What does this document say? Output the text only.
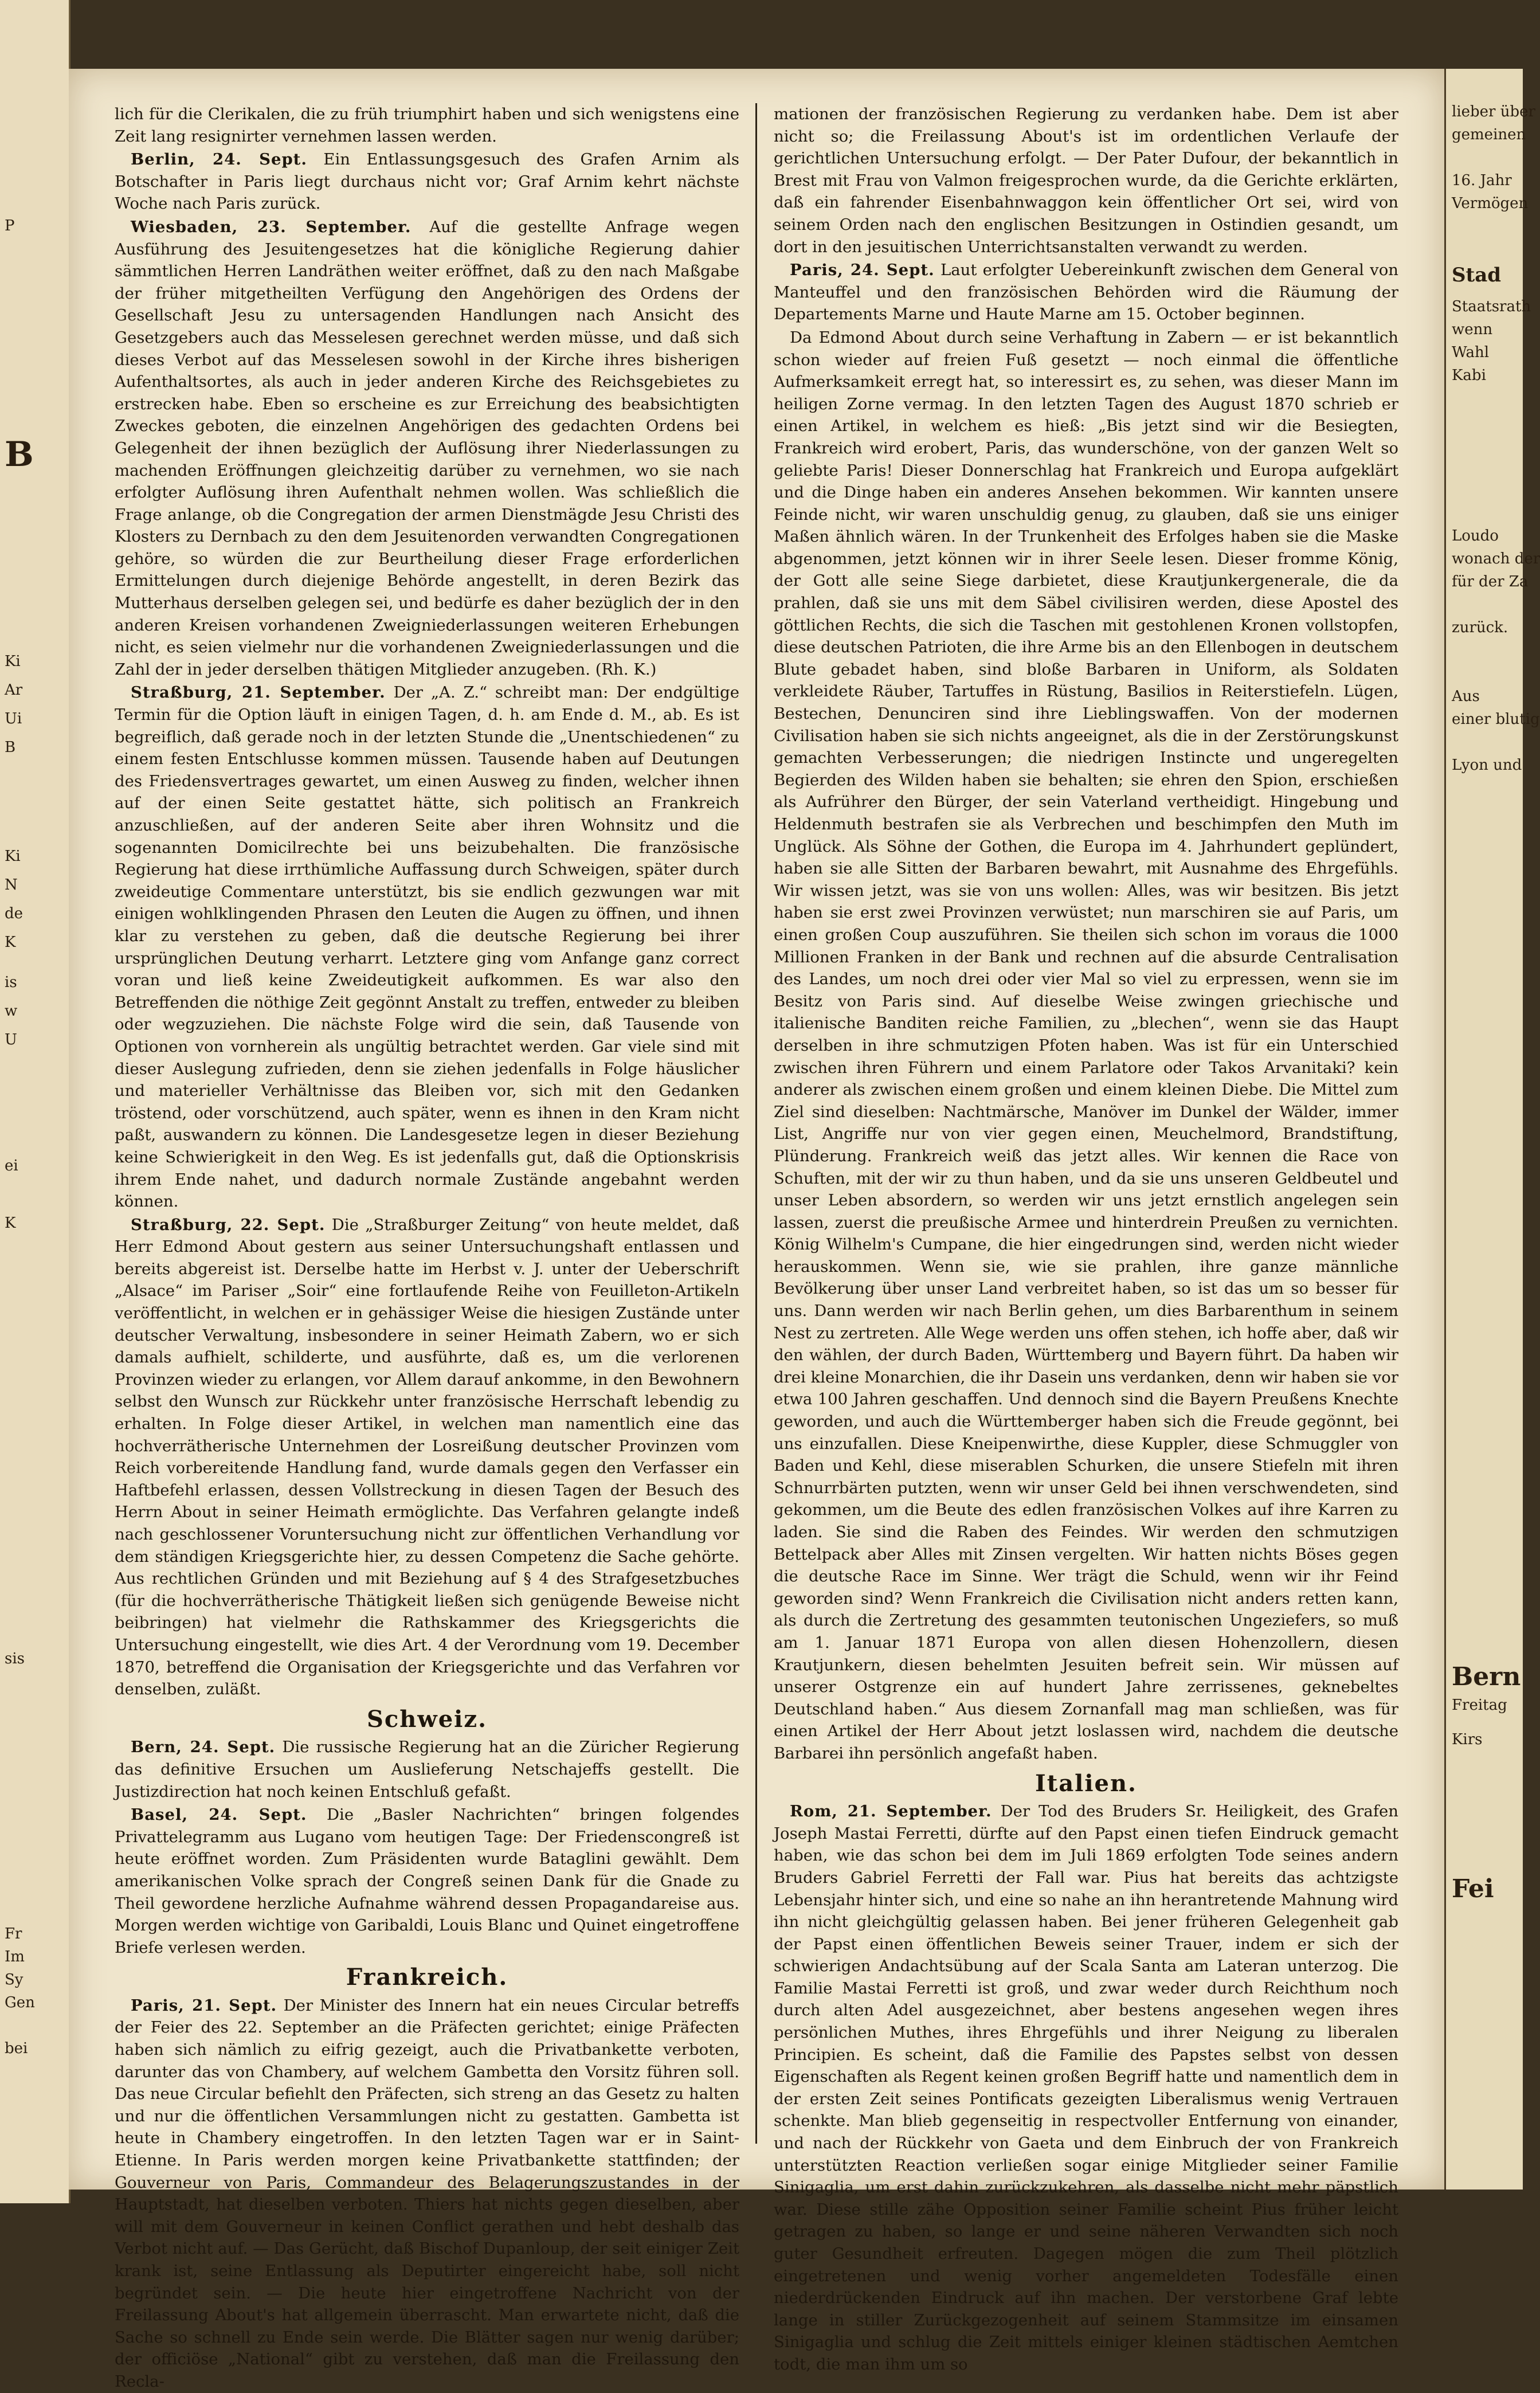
P
B
Ki
Ar
Ui
B
Ki
N
de
K
is
w
U
ei
K
sis
Fr
Im
Sy
Gen
bei

lich für die Clerikalen, die zu früh triumphirt haben und sich wenigstens eine Zeit lang resignirter vernehmen lassen werden.

Berlin, 24. Sept. Ein Entlassungsgesuch des Grafen Arnim als Botschafter in Paris liegt durchaus nicht vor; Graf Arnim kehrt nächste Woche nach Paris zurück.

Wiesbaden, 23. September. Auf die gestellte Anfrage wegen Ausführung des Jesuitengesetzes hat die königliche Regierung dahier sämmtlichen Herren Landräthen weiter eröffnet, daß zu den nach Maßgabe der früher mitgetheilten Verfügung den Angehörigen des Ordens der Gesellschaft Jesu zu untersagenden Handlungen nach Ansicht des Gesetzgebers auch das Messelesen gerechnet werden müsse, und daß sich dieses Verbot auf das Messelesen sowohl in der Kirche ihres bisherigen Aufenthaltsortes, als auch in jeder anderen Kirche des Reichsgebietes zu erstrecken habe. Eben so erscheine es zur Erreichung des beabsichtigten Zweckes geboten, die einzelnen Angehörigen des gedachten Ordens bei Gelegenheit der ihnen bezüglich der Auflösung ihrer Niederlassungen zu machenden Eröffnungen gleichzeitig darüber zu vernehmen, wo sie nach erfolgter Auflösung ihren Aufenthalt nehmen wollen. Was schließlich die Frage anlange, ob die Congregation der armen Dienstmägde Jesu Christi des Klosters zu Dernbach zu den dem Jesuitenorden verwandten Congregationen gehöre, so würden die zur Beurtheilung dieser Frage erforderlichen Ermittelungen durch diejenige Behörde angestellt, in deren Bezirk das Mutterhaus derselben gelegen sei, und bedürfe es daher bezüglich der in den anderen Kreisen vorhandenen Zweigniederlassungen weiteren Erhebungen nicht, es seien vielmehr nur die vorhandenen Zweigniederlassungen und die Zahl der in jeder derselben thätigen Mitglieder anzugeben. (Rh. K.)

Straßburg, 21. September. Der „A. Z.“ schreibt man: Der endgültige Termin für die Option läuft in einigen Tagen, d. h. am Ende d. M., ab. Es ist begreiflich, daß gerade noch in der letzten Stunde die „Unentschiedenen“ zu einem festen Entschlusse kommen müssen. Tausende haben auf Deutungen des Friedensvertrages gewartet, um einen Ausweg zu finden, welcher ihnen auf der einen Seite gestattet hätte, sich politisch an Frankreich anzuschließen, auf der anderen Seite aber ihren Wohnsitz und die sogenannten Domicilrechte bei uns beizubehalten. Die französische Regierung hat diese irrthümliche Auffassung durch Schweigen, später durch zweideutige Commentare unterstützt, bis sie endlich gezwungen war mit einigen wohlklingenden Phrasen den Leuten die Augen zu öffnen, und ihnen klar zu verstehen zu geben, daß die deutsche Regierung bei ihrer ursprünglichen Deutung verharrt. Letztere ging vom Anfange ganz correct voran und ließ keine Zweideutigkeit aufkommen. Es war also den Betreffenden die nöthige Zeit gegönnt Anstalt zu treffen, entweder zu bleiben oder wegzuziehen. Die nächste Folge wird die sein, daß Tausende von Optionen von vornherein als ungültig betrachtet werden. Gar viele sind mit dieser Auslegung zufrieden, denn sie ziehen jedenfalls in Folge häuslicher und materieller Verhältnisse das Bleiben vor, sich mit den Gedanken tröstend, oder vorschützend, auch später, wenn es ihnen in den Kram nicht paßt, auswandern zu können. Die Landesgesetze legen in dieser Beziehung keine Schwierigkeit in den Weg. Es ist jedenfalls gut, daß die Optionskrisis ihrem Ende nahet, und dadurch normale Zustände angebahnt werden können.

Straßburg, 22. Sept. Die „Straßburger Zeitung“ von heute meldet, daß Herr Edmond About gestern aus seiner Untersuchungshaft entlassen und bereits abgereist ist. Derselbe hatte im Herbst v. J. unter der Ueberschrift „Alsace“ im Pariser „Soir“ eine fortlaufende Reihe von Feuilleton-Artikeln veröffentlicht, in welchen er in gehässiger Weise die hiesigen Zustände unter deutscher Verwaltung, insbesondere in seiner Heimath Zabern, wo er sich damals aufhielt, schilderte, und ausführte, daß es, um die verlorenen Provinzen wieder zu erlangen, vor Allem darauf ankomme, in den Bewohnern selbst den Wunsch zur Rückkehr unter französische Herrschaft lebendig zu erhalten. In Folge dieser Artikel, in welchen man namentlich eine das hochverrätherische Unternehmen der Losreißung deutscher Provinzen vom Reich vorbereitende Handlung fand, wurde damals gegen den Verfasser ein Haftbefehl erlassen, dessen Vollstreckung in diesen Tagen der Besuch des Herrn About in seiner Heimath ermöglichte. Das Verfahren gelangte indeß nach geschlossener Voruntersuchung nicht zur öffentlichen Verhandlung vor dem ständigen Kriegsgerichte hier, zu dessen Competenz die Sache gehörte. Aus rechtlichen Gründen und mit Beziehung auf § 4 des Strafgesetzbuches (für die hochverrätherische Thätigkeit ließen sich genügende Beweise nicht beibringen) hat vielmehr die Rathskammer des Kriegsgerichts die Untersuchung eingestellt, wie dies Art. 4 der Verordnung vom 19. December 1870, betreffend die Organisation der Kriegsgerichte und das Verfahren vor denselben, zuläßt.

Schweiz.

Bern, 24. Sept. Die russische Regierung hat an die Züricher Regierung das definitive Ersuchen um Auslieferung Netschajeffs gestellt. Die Justizdirection hat noch keinen Entschluß gefaßt.

Basel, 24. Sept. Die „Basler Nachrichten“ bringen folgendes Privattelegramm aus Lugano vom heutigen Tage: Der Friedenscongreß ist heute eröffnet worden. Zum Präsidenten wurde Bataglini gewählt. Dem amerikanischen Volke sprach der Congreß seinen Dank für die Gnade zu Theil gewordene herzliche Aufnahme während dessen Propagandareise aus. Morgen werden wichtige von Garibaldi, Louis Blanc und Quinet eingetroffene Briefe verlesen werden.

Frankreich.

Paris, 21. Sept. Der Minister des Innern hat ein neues Circular betreffs der Feier des 22. September an die Präfecten gerichtet; einige Präfecten haben sich nämlich zu eifrig gezeigt, auch die Privatbankette verboten, darunter das von Chambery, auf welchem Gambetta den Vorsitz führen soll. Das neue Circular befiehlt den Präfecten, sich streng an das Gesetz zu halten und nur die öffentlichen Versammlungen nicht zu gestatten. Gambetta ist heute in Chambery eingetroffen. In den letzten Tagen war er in Saint-Etienne. In Paris werden morgen keine Privatbankette stattfinden; der Gouverneur von Paris, Commandeur des Belagerungszustandes in der Hauptstadt, hat dieselben verboten. Thiers hat nichts gegen dieselben, aber will mit dem Gouverneur in keinen Conflict gerathen und hebt deshalb das Verbot nicht auf. — Das Gerücht, daß Bischof Dupanloup, der seit einiger Zeit krank ist, seine Entlassung als Deputirter eingereicht habe, soll nicht begründet sein. — Die heute hier eingetroffene Nachricht von der Freilassung About's hat allgemein überrascht. Man erwartete nicht, daß die Sache so schnell zu Ende sein werde. Die Blätter sagen nur wenig darüber; der officiöse „National“ gibt zu verstehen, daß man die Freilassung den Recla-

mationen der französischen Regierung zu verdanken habe. Dem ist aber nicht so; die Freilassung About's ist im ordentlichen Verlaufe der gerichtlichen Untersuchung erfolgt. — Der Pater Dufour, der bekanntlich in Brest mit Frau von Valmon freigesprochen wurde, da die Gerichte erklärten, daß ein fahrender Eisenbahnwaggon kein öffentlicher Ort sei, wird von seinem Orden nach den englischen Besitzungen in Ostindien gesandt, um dort in den jesuitischen Unterrichtsanstalten verwandt zu werden.

Paris, 24. Sept. Laut erfolgter Uebereinkunft zwischen dem General von Manteuffel und den französischen Behörden wird die Räumung der Departements Marne und Haute Marne am 15. October beginnen.

Da Edmond About durch seine Verhaftung in Zabern — er ist bekanntlich schon wieder auf freien Fuß gesetzt — noch einmal die öffentliche Aufmerksamkeit erregt hat, so interessirt es, zu sehen, was dieser Mann im heiligen Zorne vermag. In den letzten Tagen des August 1870 schrieb er einen Artikel, in welchem es hieß: „Bis jetzt sind wir die Besiegten, Frankreich wird erobert, Paris, das wunderschöne, von der ganzen Welt so geliebte Paris! Dieser Donnerschlag hat Frankreich und Europa aufgeklärt und die Dinge haben ein anderes Ansehen bekommen. Wir kannten unsere Feinde nicht, wir waren unschuldig genug, zu glauben, daß sie uns einiger Maßen ähnlich wären. In der Trunkenheit des Erfolges haben sie die Maske abgenommen, jetzt können wir in ihrer Seele lesen. Dieser fromme König, der Gott alle seine Siege darbietet, diese Krautjunkergenerale, die da prahlen, daß sie uns mit dem Säbel civilisiren werden, diese Apostel des göttlichen Rechts, die sich die Taschen mit gestohlenen Kronen vollstopfen, diese deutschen Patrioten, die ihre Arme bis an den Ellenbogen in deutschem Blute gebadet haben, sind bloße Barbaren in Uniform, als Soldaten verkleidete Räuber, Tartuffes in Rüstung, Basilios in Reiterstiefeln. Lügen, Bestechen, Denunciren sind ihre Lieblingswaffen. Von der modernen Civilisation haben sie sich nichts angeeignet, als die in der Zerstörungskunst gemachten Verbesserungen; die niedrigen Instincte und ungeregelten Begierden des Wilden haben sie behalten; sie ehren den Spion, erschießen als Aufrührer den Bürger, der sein Vaterland vertheidigt. Hingebung und Heldenmuth bestrafen sie als Verbrechen und beschimpfen den Muth im Unglück. Als Söhne der Gothen, die Europa im 4. Jahrhundert geplündert, haben sie alle Sitten der Barbaren bewahrt, mit Ausnahme des Ehrgefühls. Wir wissen jetzt, was sie von uns wollen: Alles, was wir besitzen. Bis jetzt haben sie erst zwei Provinzen verwüstet; nun marschiren sie auf Paris, um einen großen Coup auszuführen. Sie theilen sich schon im voraus die 1000 Millionen Franken in der Bank und rechnen auf die absurde Centralisation des Landes, um noch drei oder vier Mal so viel zu erpressen, wenn sie im Besitz von Paris sind. Auf dieselbe Weise zwingen griechische und italienische Banditen reiche Familien, zu „blechen“, wenn sie das Haupt derselben in ihre schmutzigen Pfoten haben. Was ist für ein Unterschied zwischen ihren Führern und einem Parlatore oder Takos Arvanitaki? kein anderer als zwischen einem großen und einem kleinen Diebe. Die Mittel zum Ziel sind dieselben: Nachtmärsche, Manöver im Dunkel der Wälder, immer List, Angriffe nur von vier gegen einen, Meuchelmord, Brandstiftung, Plünderung. Frankreich weiß das jetzt alles. Wir kennen die Race von Schuften, mit der wir zu thun haben, und da sie uns unseren Geldbeutel und unser Leben absordern, so werden wir uns jetzt ernstlich angelegen sein lassen, zuerst die preußische Armee und hinterdrein Preußen zu vernichten. König Wilhelm's Cumpane, die hier eingedrungen sind, werden nicht wieder herauskommen. Wenn sie, wie sie prahlen, ihre ganze männliche Bevölkerung über unser Land verbreitet haben, so ist das um so besser für uns. Dann werden wir nach Berlin gehen, um dies Barbarenthum in seinem Nest zu zertreten. Alle Wege werden uns offen stehen, ich hoffe aber, daß wir den wählen, der durch Baden, Württemberg und Bayern führt. Da haben wir drei kleine Monarchien, die ihr Dasein uns verdanken, denn wir haben sie vor etwa 100 Jahren geschaffen. Und dennoch sind die Bayern Preußens Knechte geworden, und auch die Württemberger haben sich die Freude gegönnt, bei uns einzufallen. Diese Kneipenwirthe, diese Kuppler, diese Schmuggler von Baden und Kehl, diese miserablen Schurken, die unsere Stiefeln mit ihren Schnurrbärten putzten, wenn wir unser Geld bei ihnen verschwendeten, sind gekommen, um die Beute des edlen französischen Volkes auf ihre Karren zu laden. Sie sind die Raben des Feindes. Wir werden den schmutzigen Bettelpack aber Alles mit Zinsen vergelten. Wir hatten nichts Böses gegen die deutsche Race im Sinne. Wer trägt die Schuld, wenn wir ihr Feind geworden sind? Wenn Frankreich die Civilisation nicht anders retten kann, als durch die Zertretung des gesammten teutonischen Ungeziefers, so muß am 1. Januar 1871 Europa von allen diesen Hohenzollern, diesen Krautjunkern, diesen behelmten Jesuiten befreit sein. Wir müssen auf unserer Ostgrenze ein auf hundert Jahre zerrissenes, geknebeltes Deutschland haben.“ Aus diesem Zornanfall mag man schließen, was für einen Artikel der Herr About jetzt loslassen wird, nachdem die deutsche Barbarei ihn persönlich angefaßt haben.

Italien.

Rom, 21. September. Der Tod des Bruders Sr. Heiligkeit, des Grafen Joseph Mastai Ferretti, dürfte auf den Papst einen tiefen Eindruck gemacht haben, wie das schon bei dem im Juli 1869 erfolgten Tode seines andern Bruders Gabriel Ferretti der Fall war. Pius hat bereits das achtzigste Lebensjahr hinter sich, und eine so nahe an ihn herantretende Mahnung wird ihn nicht gleichgültig gelassen haben. Bei jener früheren Gelegenheit gab der Papst einen öffentlichen Beweis seiner Trauer, indem er sich der schwierigen Andachtsübung auf der Scala Santa am Lateran unterzog. Die Familie Mastai Ferretti ist groß, und zwar weder durch Reichthum noch durch alten Adel ausgezeichnet, aber bestens angesehen wegen ihres persönlichen Muthes, ihres Ehrgefühls und ihrer Neigung zu liberalen Principien. Es scheint, daß die Familie des Papstes selbst von dessen Eigenschaften als Regent keinen großen Begriff hatte und namentlich dem in der ersten Zeit seines Pontificats gezeigten Liberalismus wenig Vertrauen schenkte. Man blieb gegenseitig in respectvoller Entfernung von einander, und nach der Rückkehr von Gaeta und dem Einbruch der von Frankreich unterstützten Reaction verließen sogar einige Mitglieder seiner Familie Sinigaglia, um erst dahin zurückzukehren, als dasselbe nicht mehr päpstlich war. Diese stille zähe Opposition seiner Familie scheint Pius früher leicht getragen zu haben, so lange er und seine näheren Verwandten sich noch guter Gesundheit erfreuten. Dagegen mögen die zum Theil plötzlich eingetretenen und wenig vorher angemeldeten Todesfälle einen niederdrückenden Eindruck auf ihn machen. Der verstorbene Graf lebte lange in stiller Zurückgezogenheit auf seinem Stammsitze im einsamen Sinigaglia und schlug die Zeit mittels einiger kleinen städtischen Aemtchen todt, die man ihm um so

lieber über
gemeinen
16. Jahr
Vermögen
Stad
Staatsrath
wenn
Wahl
Kabi
Loudo
wonach der
für der Za
zurück.
Aus
einer blutig
Lyon und
Bern
Freitag
Kirs
Fei
